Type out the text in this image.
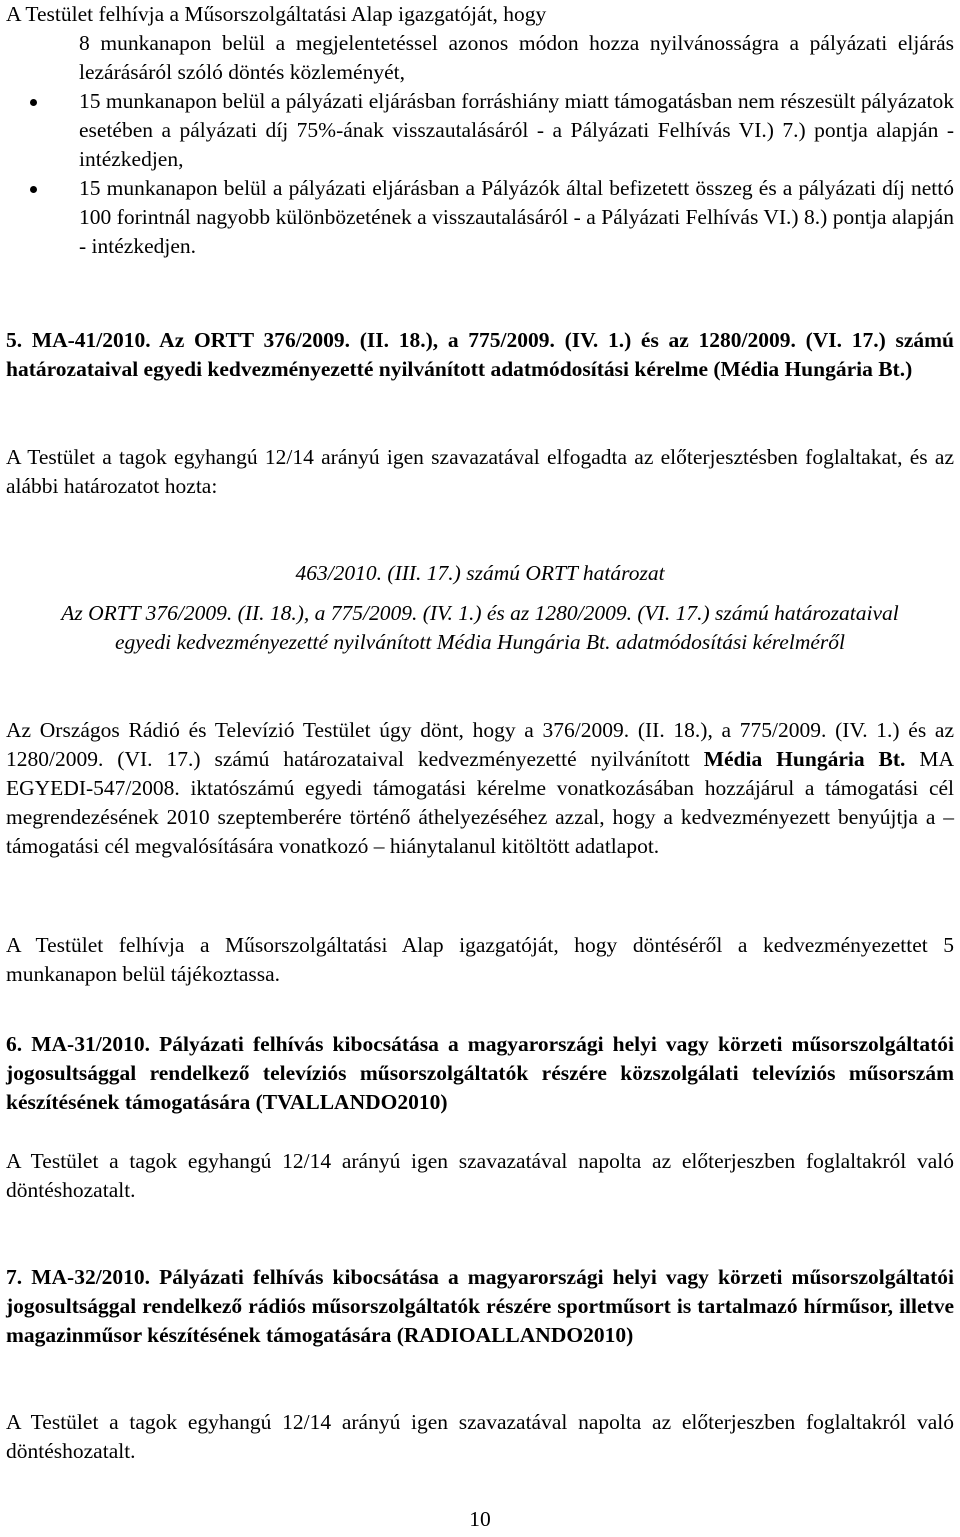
A Testület felhívja a Műsorszolgáltatási Alap igazgatóját, hogy

8 munkanapon belül a megjelentetéssel azonos módon hozza nyilvánosságra a pályázati eljárás lezárásáról szóló döntés közleményét,
15 munkanapon belül a pályázati eljárásban forráshiány miatt támogatásban nem részesült pályázatok esetében a pályázati díj 75%-ának visszautalásáról - a Pályázati Felhívás VI.) 7.) pontja alapján - intézkedjen,
15 munkanapon belül a pályázati eljárásban a Pályázók által befizetett összeg és a pályázati díj nettó 100 forintnál nagyobb különbözetének a visszautalásáról - a Pályázati Felhívás VI.) 8.) pontja alapján - intézkedjen.

5. MA-41/2010. Az ORTT 376/2009. (II. 18.), a 775/2009. (IV. 1.) és az 1280/2009. (VI. 17.) számú határozataival egyedi kedvezményezetté nyilvánított adatmódosítási kérelme (Média Hungária Bt.)

A Testület a tagok egyhangú 12/14 arányú igen szavazatával elfogadta az előterjesztésben foglaltakat, és az alábbi határozatot hozta:

463/2010. (III. 17.) számú ORTT határozat

Az ORTT 376/2009. (II. 18.), a 775/2009. (IV. 1.) és az 1280/2009. (VI. 17.) számú határozataival egyedi kedvezményezetté nyilvánított Média Hungária Bt. adatmódosítási kérelméről

Az Országos Rádió és Televízió Testület úgy dönt, hogy a 376/2009. (II. 18.), a 775/2009. (IV. 1.) és az 1280/2009. (VI. 17.) számú határozataival kedvezményezetté nyilvánított Média Hungária Bt. MA EGYEDI-547/2008. iktatószámú egyedi támogatási kérelme vonatkozásában hozzájárul a támogatási cél megrendezésének 2010 szeptemberére történő áthelyezéséhez azzal, hogy a kedvezményezett benyújtja a – támogatási cél megvalósítására vonatkozó – hiánytalanul kitöltött adatlapot.

A Testület felhívja a Műsorszolgáltatási Alap igazgatóját, hogy döntéséről a kedvezményezettet 5 munkanapon belül tájékoztassa.

6. MA-31/2010. Pályázati felhívás kibocsátása a magyarországi helyi vagy körzeti műsorszolgáltatói jogosultsággal rendelkező televíziós műsorszolgáltatók részére közszolgálati televíziós műsorszám készítésének támogatására (TVALLANDO2010)

A Testület a tagok egyhangú 12/14 arányú igen szavazatával napolta az előterjeszben foglaltakról való döntéshozatalt.

7. MA-32/2010. Pályázati felhívás kibocsátása a magyarországi helyi vagy körzeti műsorszolgáltatói jogosultsággal rendelkező rádiós műsorszolgáltatók részére sportműsort is tartalmazó hírműsor, illetve magazinműsor készítésének támogatására (RADIOALLANDO2010)

A Testület a tagok egyhangú 12/14 arányú igen szavazatával napolta az előterjeszben foglaltakról való döntéshozatalt.

10
